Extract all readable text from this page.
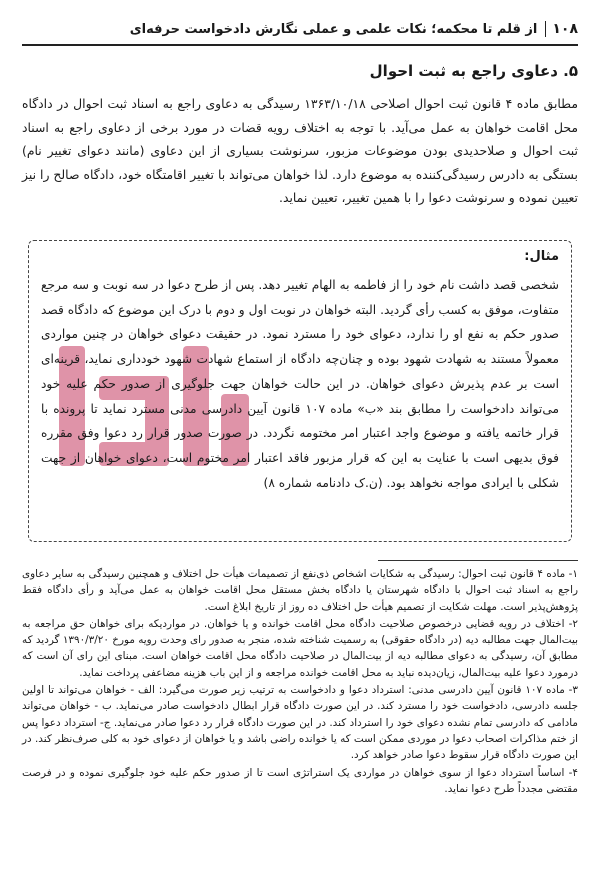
۱۰۸
از قلم تا محکمه؛ نکات علمی و عملی نگارش دادخواست حرفه‌ای
۵. دعاوی راجع به ثبت احوال
مطابق ماده ۴ قانون ثبت احوال اصلاحی ۱۳۶۳/۱۰/۱۸ رسیدگی به دعاوی راجع به اسناد ثبت احوال در دادگاه محل اقامت خواهان به عمل می‌آید. با توجه به اختلاف رویه قضات در مورد برخی از دعاوی راجع به اسناد ثبت احوال و صلاحدیدی بودن موضوعات مزبور، سرنوشت بسیاری از این دعاوی (مانند دعوای تغییر نام) بستگی به دادرس رسیدگی‌کننده به موضوع دارد. لذا خواهان می‌تواند با تغییر اقامتگاه خود، دادگاه صالح را نیز تعیین نموده و سرنوشت دعوا را با همین تغییر، تعیین نماید.
مثال:
شخصی قصد داشت نام خود را از فاطمه به الهام تغییر دهد. پس از طرح دعوا در سه نوبت و سه مرجع متفاوت، موفق به کسب رأی گردید. البته خواهان در نوبت اول و دوم با درک این موضوع که دادگاه قصد صدور حکم به نفع او را ندارد، دعوای خود را مسترد نمود. در حقیقت دعوای خواهان در چنین مواردی معمولاً مستند به شهادت شهود بوده و چنان‌چه دادگاه از استماع شهادت شهود خودداری نماید، قرینه‌ای است بر عدم پذیرش دعوای خواهان. در این حالت خواهان جهت جلوگیری از صدور حکم علیه خود می‌تواند دادخواست را مطابق بند «ب» ماده ۱۰۷ قانون آیین دادرسی مدنی مسترد نماید تا پرونده با قرار خاتمه یافته و موضوع واجد اعتبار امر مختومه نگردد. در صورت صدور قرار رد دعوا وفق مقرره فوق بدیهی است با عنایت به این که قرار مزبور فاقد اعتبار امر مختوم است، دعوای خواهان از جهت شکلی با ایرادی مواجه نخواهد بود. (ن.ک دادنامه شماره ۸)

۱- ماده ۴ قانون ثبت احوال: رسیدگی به شکایات اشخاص ذی‌نفع از تصمیمات هیأت حل اختلاف و همچنین رسیدگی به سایر دعاوی راجع به اسناد ثبت احوال با دادگاه شهرستان یا دادگاه بخش مستقل محل اقامت خواهان به عمل می‌آید و رأی دادگاه فقط پژوهش‌پذیر است. مهلت شکایت از تصمیم هیأت حل اختلاف ده روز از تاریخ ابلاغ است.

۲- اختلاف در رویه قضایی درخصوص صلاحیت دادگاه محل اقامت خوانده و یا خواهان. در مواردیکه برای خواهان حق مراجعه به بیت‌المال جهت مطالبه دیه (در دادگاه حقوقی) به رسمیت شناخته شده، منجر به صدور رای وحدت رویه مورخ ۱۳۹۰/۳/۲۰ گردید که مطابق آن، رسیدگی به دعوای مطالبه دیه از بیت‌المال در صلاحیت دادگاه محل اقامت خواهان است. مبنای این رای آن است که درمورد دعوا علیه بیت‌المال، زیان‌دیده نباید به محل اقامت خوانده مراجعه و از این باب هزینه مضاعفی پرداخت نماید.

۳- ماده ۱۰۷ قانون آیین دادرسی مدنی: استرداد دعوا و دادخواست به ترتیب زیر صورت می‌گیرد: الف - خواهان می‌تواند تا اولین جلسه دادرسی، دادخواست خود را مسترد کند. در این صورت دادگاه قرار ابطال دادخواست صادر می‌نماید. ب - خواهان می‌تواند مادامی که دادرسی تمام نشده دعوای خود را استرداد کند. در این صورت دادگاه قرار رد دعوا صادر می‌نماید. ج- استرداد دعوا پس از ختم مذاکرات اصحاب دعوا در موردی ممکن است که یا خوانده راضی باشد و یا خواهان از دعوای خود به کلی صرف‌نظر کند. در این صورت دادگاه قرار سقوط دعوا صادر خواهد کرد.

۴- اساساً استرداد دعوا از سوی خواهان در مواردی یک استراتژی است تا از صدور حکم علیه خود جلوگیری نموده و در فرصت مقتضی مجدداً طرح دعوا نماید.
